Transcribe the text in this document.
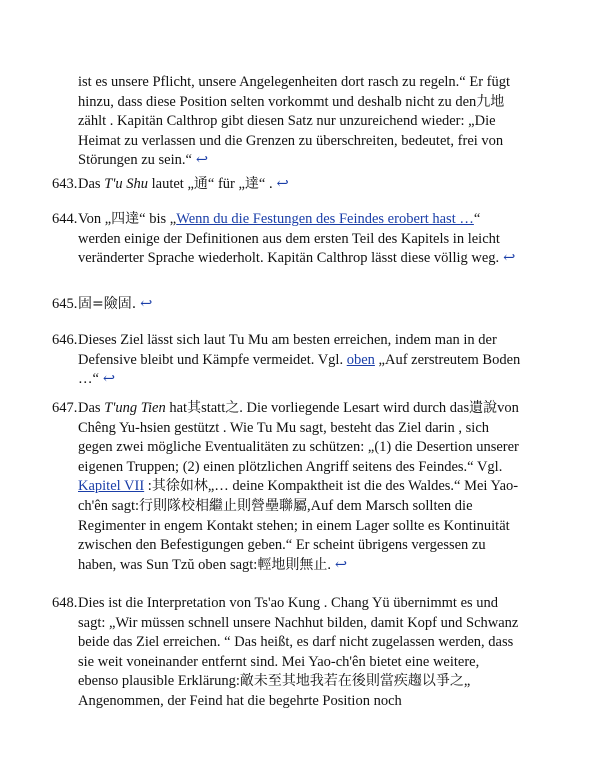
ist es unsere Pflicht, unsere Angelegenheiten dort rasch zu regeln.“ Er fügt hinzu, dass diese Position selten vorkommt und deshalb nicht zu den九地zählt . Kapitän Calthrop gibt diesen Satz nur unzureichend wieder: „Die Heimat zu verlassen und die Grenzen zu überschreiten, bedeutet, frei von Störungen zu sein.“ ↩

643. Das T'u Shu lautet „通“ für „達“ . ↩

644. Von „四達“ bis „Wenn du die Festungen des Feindes erobert hast …“ werden einige der Definitionen aus dem ersten Teil des Kapitels in leicht veränderter Sprache wiederholt. Kapitän Calthrop lässt diese völlig weg. ↩

645. 固=險固. ↩

646. Dieses Ziel lässt sich laut Tu Mu am besten erreichen, indem man in der Defensive bleibt und Kämpfe vermeidet. Vgl. oben „Auf zerstreutem Boden …“ ↩

647. Das T'ung Tien hat其statt之. Die vorliegende Lesart wird durch das遺說von Chêng Yu-hsien gestützt . Wie Tu Mu sagt, besteht das Ziel darin , sich gegen zwei mögliche Eventualitäten zu schützen: „(1) die Desertion unserer eigenen Truppen; (2) einen plötzlichen Angriff seitens des Feindes.“ Vgl. Kapitel VII :其徐如林„… deine Kompaktheit ist die des Waldes.“ Mei Yao-ch'ên sagt:行則隊校相繼止則營壘聯屬,Auf dem Marsch sollten die Regimenter in engem Kontakt stehen; in einem Lager sollte es Kontinuität zwischen den Befestigungen geben.“ Er scheint übrigens vergessen zu haben, was Sun Tzŭ oben sagt:輕地則無止. ↩

648. Dies ist die Interpretation von Ts'ao Kung . Chang Yü übernimmt es und sagt: „Wir müssen schnell unsere Nachhut bilden, damit Kopf und Schwanz beide das Ziel erreichen. “ Das heißt, es darf nicht zugelassen werden, dass sie weit voneinander entfernt sind. Mei Yao-ch'ên bietet eine weitere, ebenso plausible Erklärung:敵未至其地我若在後則當疾趨以爭之„ Angenommen, der Feind hat die begehrte Position noch
